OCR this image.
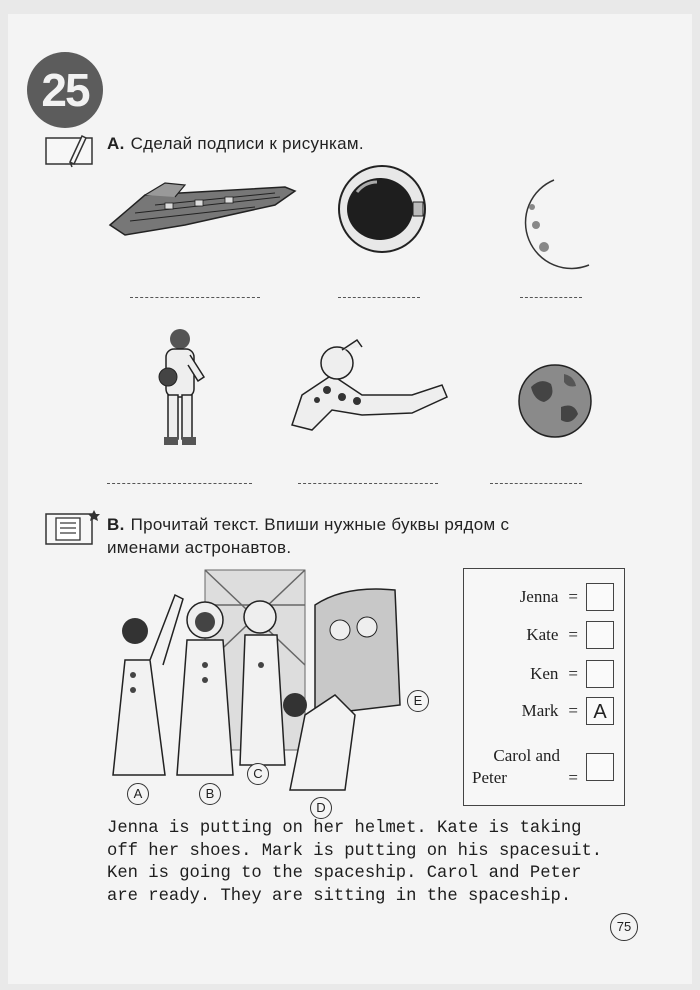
25
A. Сделай подписи к рисункам.
B. Прочитай текст. Впиши нужные буквы рядом с
именами астронавтов.
A	B
C
D
E
Jenna =
Kate =
Ken =
Mark = A
Carol and
Peter	=
Jenna is putting on her helmet. Kate is taking
off her shoes. Mark is putting on his spacesuit.
Ken is going to the spaceship. Carol and Peter
are ready. They are sitting in the spaceship.
75
